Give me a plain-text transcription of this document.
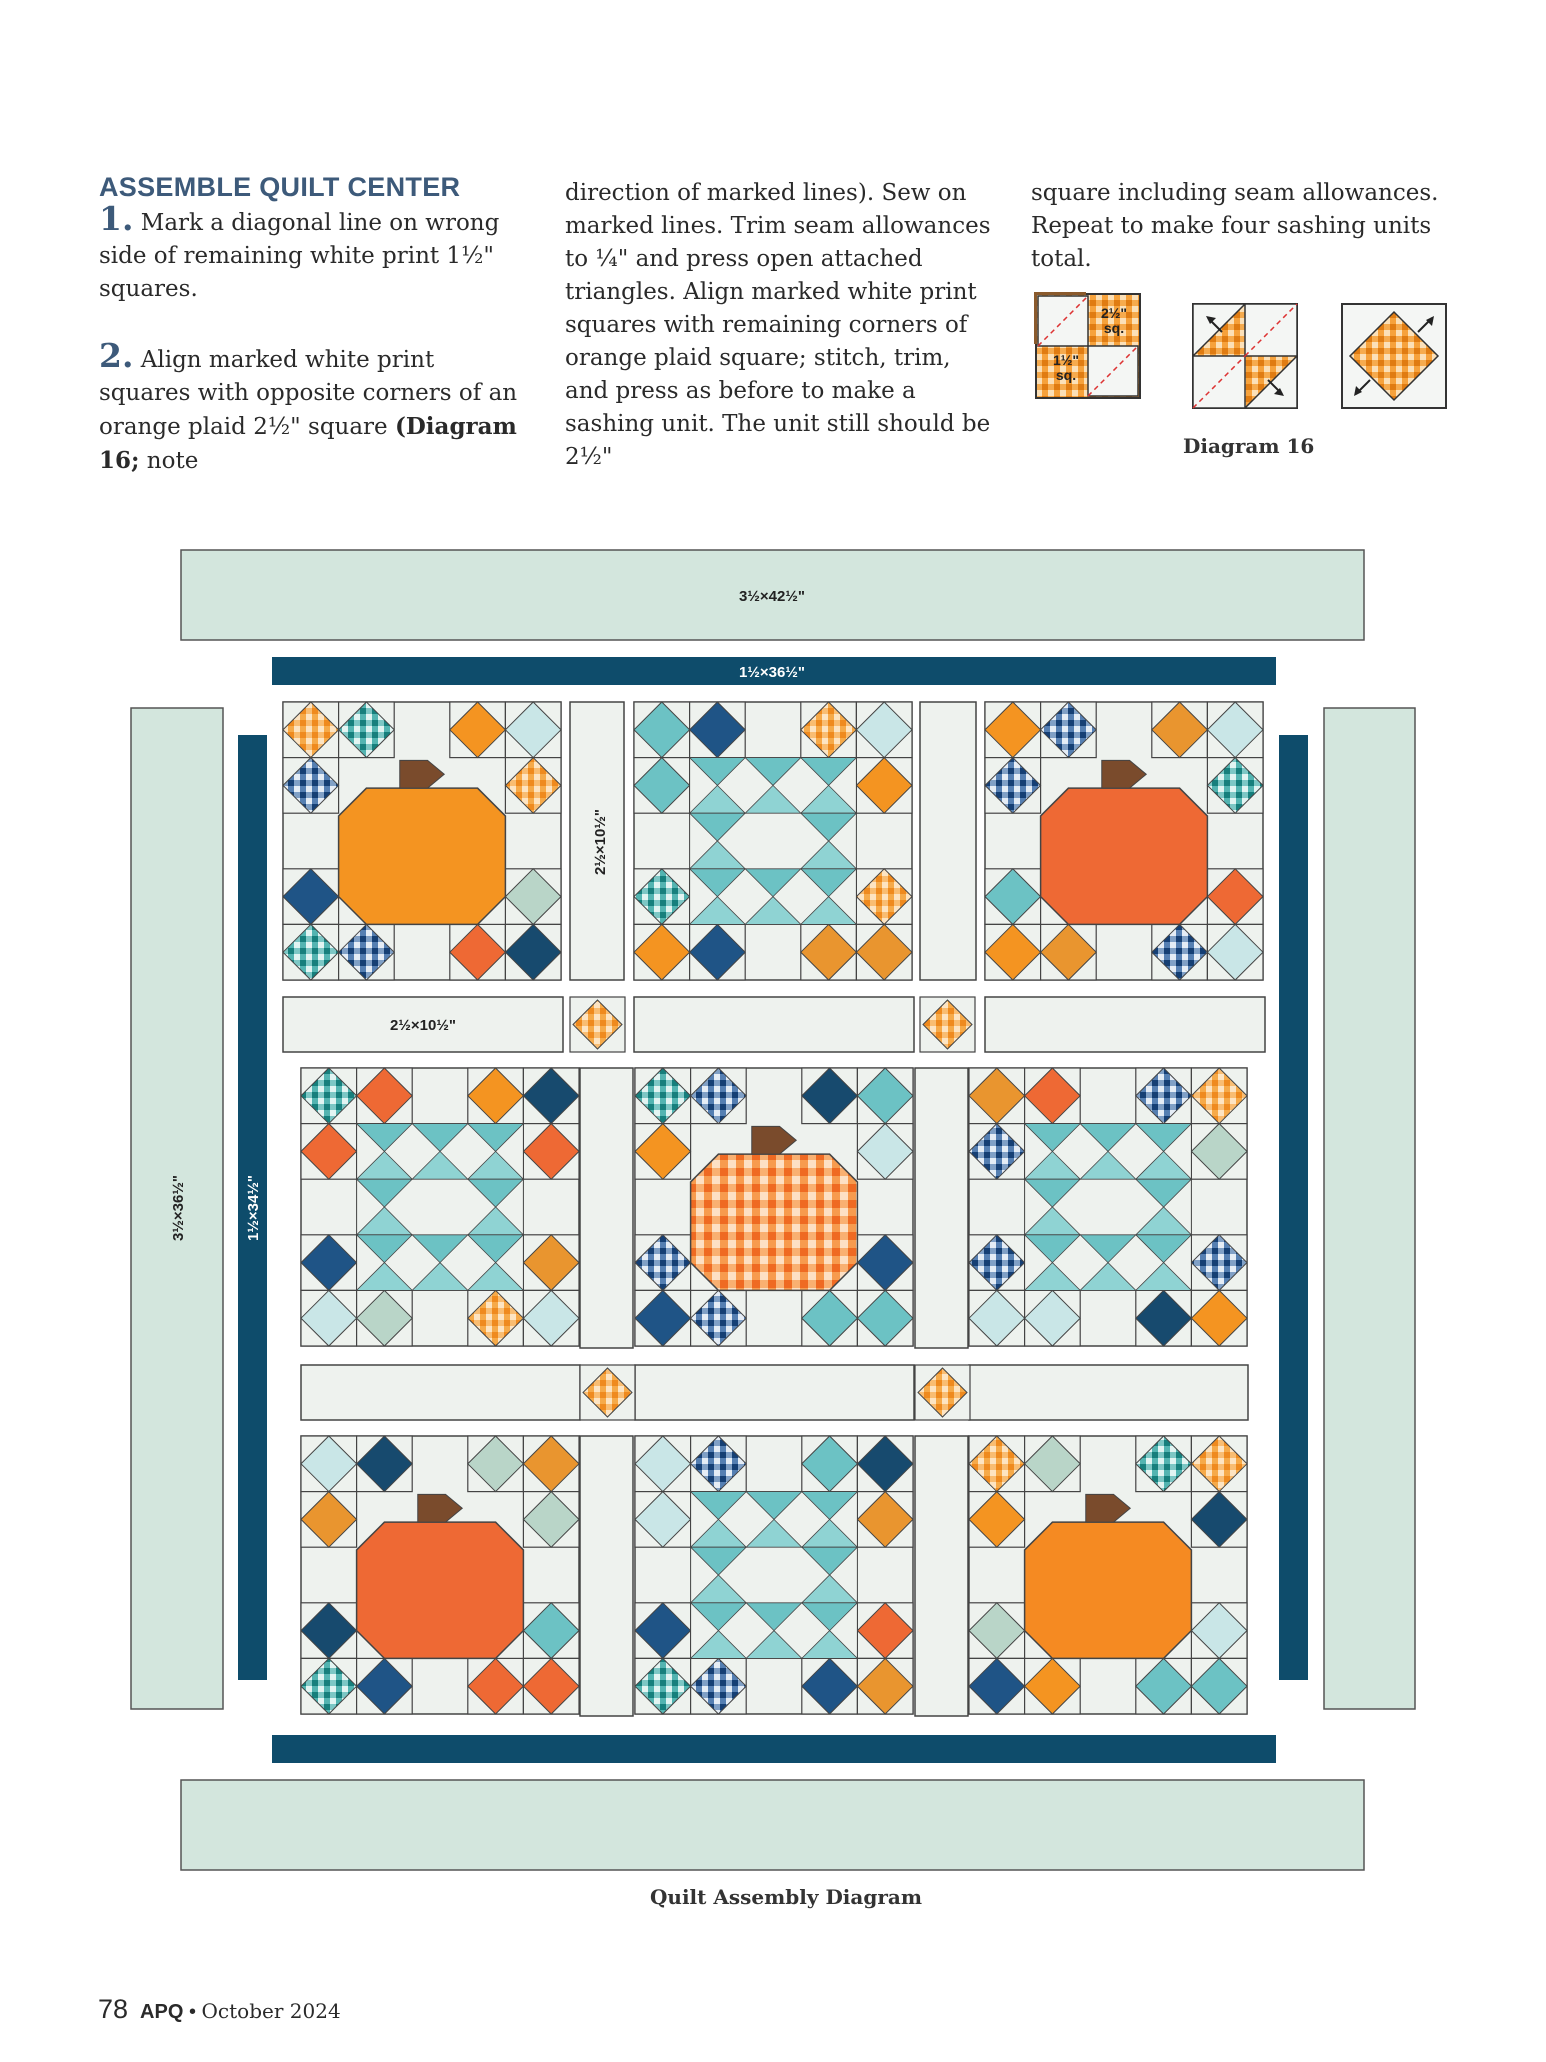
ASSEMBLE QUILT CENTER

1. Mark a diagonal line on wrong side of remaining white print 1½" squares.

2. Align marked white print squares with opposite corners of an orange plaid 2½" square (Diagram 16; note

direction of marked lines). Sew on marked lines. Trim seam allowances to ¼" and press open attached triangles. Align marked white print squares with remaining corners of orange plaid square; stitch, trim, and press as before to make a sashing unit. The unit still should be 2½"

square including seam allowances. Repeat to make four sashing units total.

2½"
sq.
1½"
sq.
Diagram 16
3½×42½"
1½×36½"
3½×36½"	1½×34½"
2½×10½"
2½×10½"
Quilt Assembly Diagram
78 APQ • October 2024
